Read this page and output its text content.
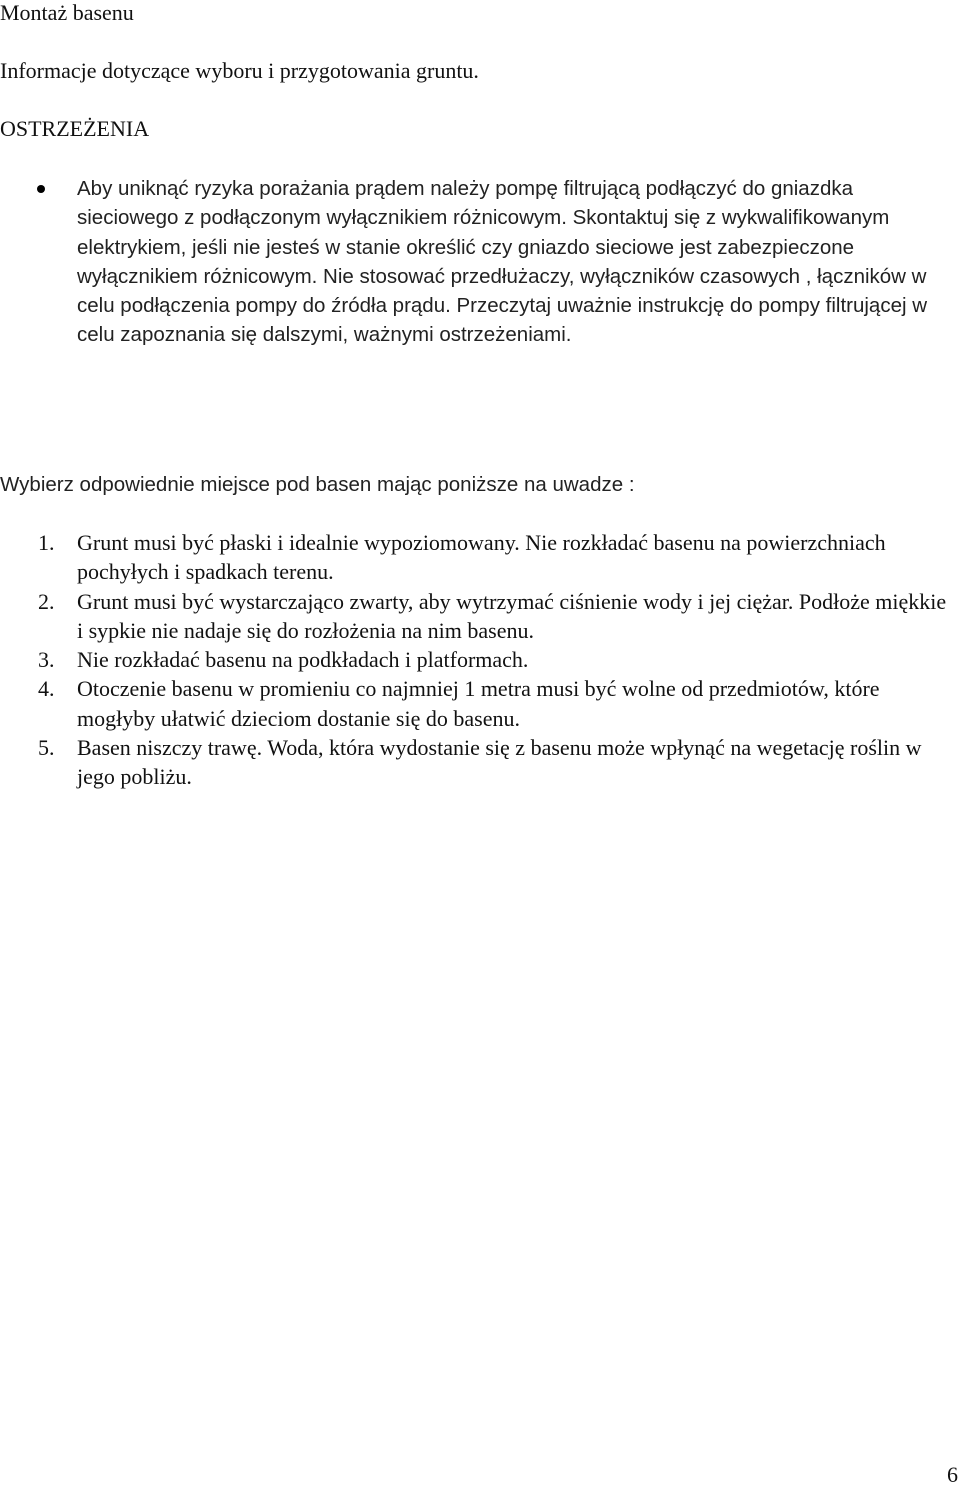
Montaż basenu

Informacje dotyczące wyboru i przygotowania gruntu.

OSTRZEŻENIA
Aby uniknąć ryzyka porażania prądem należy pompę filtrującą podłączyć do gniazdka sieciowego z podłączonym wyłącznikiem różnicowym. Skontaktuj się z wykwalifikowanym elektrykiem, jeśli nie jesteś w stanie określić czy gniazdo sieciowe jest zabezpieczone wyłącznikiem różnicowym. Nie stosować przedłużaczy, wyłączników czasowych , łączników w celu podłączenia pompy do źródła prądu. Przeczytaj uważnie instrukcję do pompy filtrującej w celu zapoznania się dalszymi, ważnymi ostrzeżeniami.

Wybierz odpowiednie miejsce pod basen mając poniższe na uwadze :

1. Grunt musi być płaski i idealnie wypoziomowany. Nie rozkładać basenu na powierzchniach pochyłych i spadkach terenu.
2. Grunt musi być wystarczająco zwarty, aby wytrzymać ciśnienie wody i jej ciężar. Podłoże miękkie i sypkie nie nadaje się do rozłożenia na nim basenu.
3. Nie rozkładać basenu na podkładach i platformach.
4. Otoczenie basenu w promieniu co najmniej 1 metra musi być wolne od przedmiotów, które mogłyby ułatwić dzieciom dostanie się do basenu.
5. Basen niszczy trawę. Woda, która wydostanie się z basenu może wpłynąć na wegetację roślin w jego pobliżu.
6
